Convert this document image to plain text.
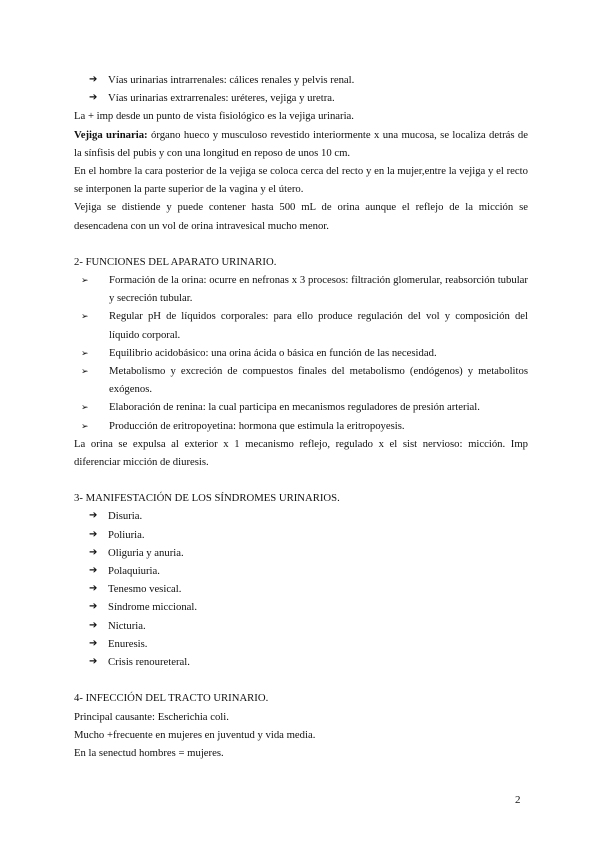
➔ Vías urinarias intrarrenales: cálices renales y pelvis renal.
➔ Vías urinarias extrarrenales: uréteres, vejiga y uretra.

La + imp desde un punto de vista fisiológico es la vejiga urinaria.

Vejiga urinaria: órgano hueco y musculoso revestido interiormente x una mucosa, se localiza detrás de la sínfisis del pubis y con una longitud en reposo de unos 10 cm.

En el hombre la cara posterior de la vejiga se coloca cerca del recto y en la mujer,entre la vejiga y el recto se interponen la parte superior de la vagina y el útero.

Vejiga se distiende y puede contener hasta 500 mL de orina aunque el reflejo de la micción se desencadena con un vol de orina intravesical mucho menor.

2- FUNCIONES DEL APARATO URINARIO.

➢ Formación de la orina: ocurre en nefronas x 3 procesos: filtración glomerular, reabsorción tubular y secreción tubular.
➢ Regular pH de líquidos corporales: para ello produce regulación del vol y composición del líquido corporal.
➢ Equilibrio acidobásico: una orina ácida o básica en función de las necesidad.
➢ Metabolismo y excreción de compuestos finales del metabolismo (endógenos) y metabolitos exógenos.
➢ Elaboración de renina: la cual participa en mecanismos reguladores de presión arterial.
➢ Producción de eritropoyetina: hormona que estimula la eritropoyesis.

La orina se expulsa al exterior x 1 mecanismo reflejo, regulado x el sist nervioso: micción. Imp diferenciar micción de diuresis.

3- MANIFESTACIÓN DE LOS SÍNDROMES URINARIOS.

➔ Disuria.
➔ Poliuria.
➔ Oliguria y anuria.
➔ Polaquiuria.
➔ Tenesmo vesical.
➔ Síndrome miccional.
➔ Nicturia.
➔ Enuresis.
➔ Crisis renoureteral.

4- INFECCIÓN DEL TRACTO URINARIO.

Principal causante: Escherichia coli.

Mucho +frecuente en mujeres en juventud y vida media.

En la senectud hombres = mujeres.

2
